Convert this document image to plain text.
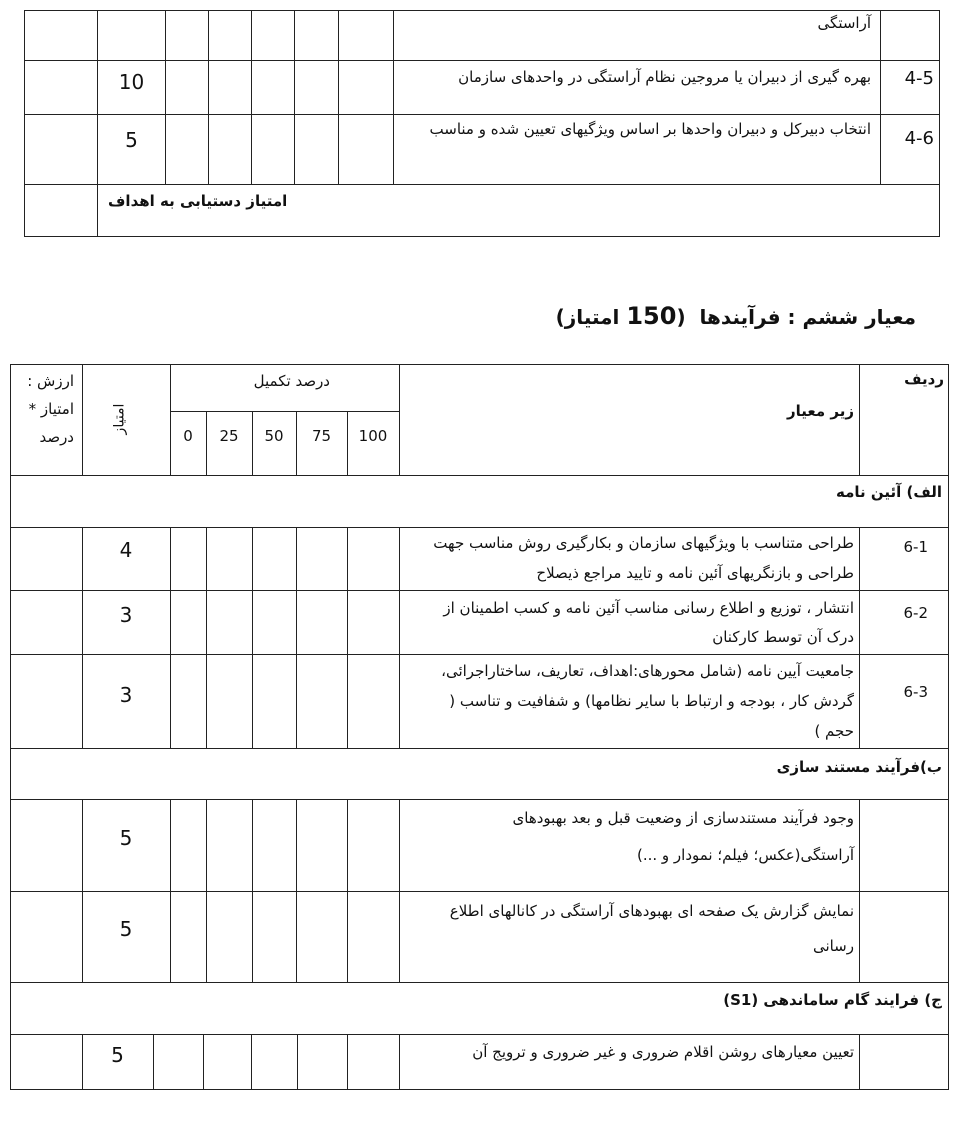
آراستگی
4-5
بهره گیری از دبیران یا مروجین نظام آراستگی در واحدهای سازمان
10
4-6
انتخاب دبیرکل و دبیران واحدها بر اساس ویژگیهای تعیین شده و مناسب
5
امتیاز دستیابی به اهداف
معیار ششم : فرآیندها  (150 امتیاز)
ردیف
زیر معیار
درصد تکمیل
100
75
50
25
0
امتیاز
ارزش :
امتیاز *
درصد
الف) آئین نامه
6-1
طراحی متناسب با ویژگیهای سازمان و بکارگیری روش مناسب جهت
طراحی و بازنگریهای آئین نامه و تایید مراجع ذیصلاح
4
6-2
انتشار ، توزیع و اطلاع رسانی مناسب آئین نامه و کسب اطمینان از
درک آن توسط کارکنان
3
6-3
جامعیت آیین نامه (شامل محورهای:اهداف، تعاریف، ساختاراجرائی،
گردش کار ، بودجه و ارتباط با سایر نظامها) و شفافیت و تناسب (
حجم )
3
ب)فرآیند مستند سازی
وجود فرآیند مستندسازی از وضعیت قبل و بعد بهبودهای
آراستگی(عکس؛ فیلم؛ نمودار و ...)
5
نمایش گزارش یک صفحه ای بهبودهای آراستگی در کانالهای اطلاع
رسانی
5
ج) فرایند گام ساماندهی (S1)
تعیین معیارهای روشن اقلام ضروری و غیر ضروری و ترویج آن
5
